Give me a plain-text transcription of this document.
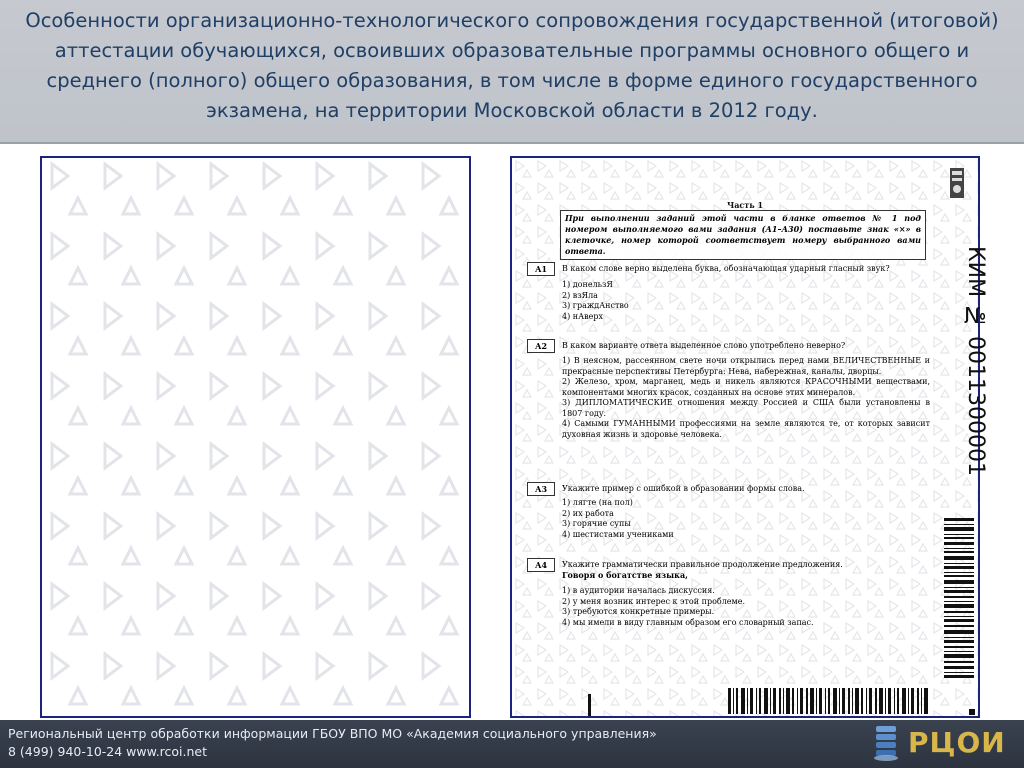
Особенности организационно-технологического сопровождения государственной (итоговой) аттестации обучающихся, освоивших образовательные программы основного общего и среднего (полного) общего образования, в том числе в форме единого государственного экзамена, на территории Московской области в 2012 году.
Часть 1
При выполнении заданий этой части в бланке ответов № 1 под номером выполняемого вами задания (А1–А30) поставьте знак «×» в клеточке, номер которой соответствует номеру выбранного вами ответа.
А1	В каком слове верно выделена буква, обозначающая ударный гласный звук?
1) донельзЯ
2) взЯла
3) граждАнство
4) нАверх
А2	В каком варианте ответа выделенное слово употреблено неверно?
1) В неясном, рассеянном свете ночи открылись перед нами ВЕЛИЧЕСТВЕННЫЕ и прекрасные перспективы Петербурга: Нева, набережная, каналы, дворцы.
2) Железо, хром, марганец, медь и никель являются КРАСОЧНЫМИ веществами, компонентами многих красок, созданных на основе этих минералов.
3) ДИПЛОМАТИЧЕСКИЕ отношения между Россией и США были установлены в 1807 году.
4) Самыми ГУМАННЫМИ профессиями на земле являются те, от которых зависит духовная жизнь и здоровье человека.
А3	Укажите пример с ошибкой в образовании формы слова.
1) лягте (на пол)
2) их работа
3) горячие супы
4) шестистами учениками
А4	Укажите грамматически правильное продолжение предложения.
Говоря о богатстве языка,
1) в аудитории началась дискуссия.
2) у меня возник интерес к этой проблеме.
3) требуются конкретные примеры.
4) мы имели в виду главным образом его словарный запас.
КИМ № 0011300001
Региональный центр обработки информации ГБОУ ВПО МО «Академия социального управления»
8 (499) 940-10-24 www.rcoi.net	РЦОИ
